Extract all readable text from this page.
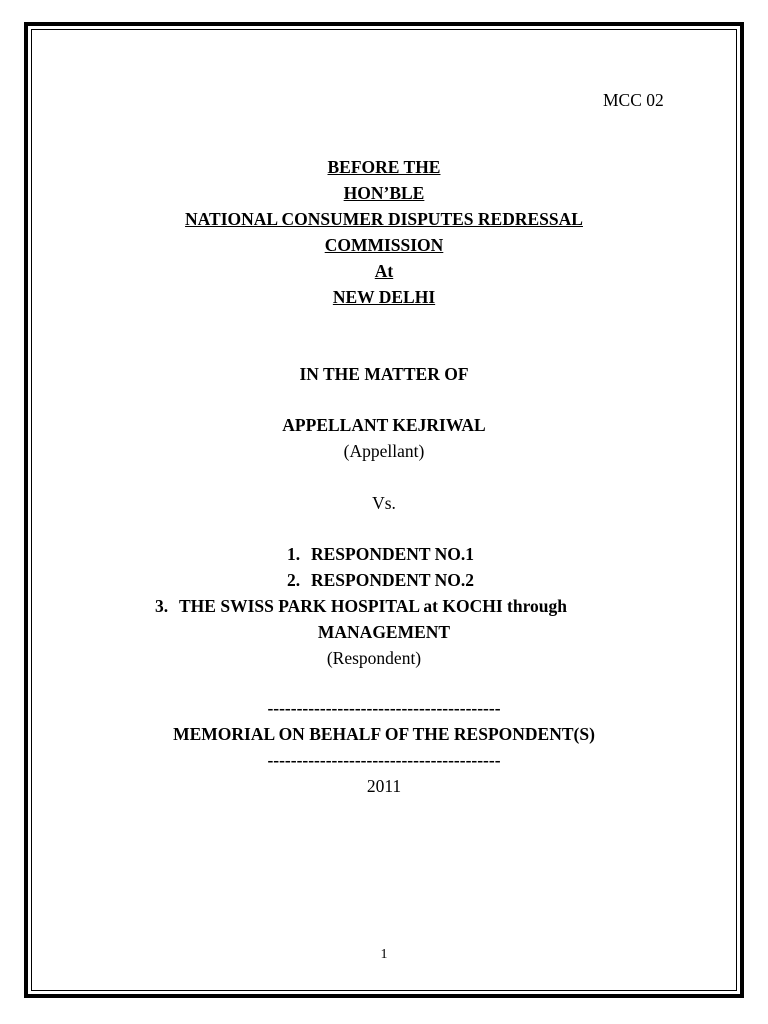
MCC 02
BEFORE THE
HON’BLE
NATIONAL CONSUMER DISPUTES REDRESSAL
COMMISSION
At
NEW DELHI
IN THE MATTER OF
APPELLANT KEJRIWAL
(Appellant)
Vs.
1. RESPONDENT NO.1
2. RESPONDENT NO.2
3. THE SWISS PARK HOSPITAL at KOCHI through
MANAGEMENT
(Respondent)
----------------------------------------
MEMORIAL ON BEHALF OF THE RESPONDENT(S)
----------------------------------------
2011
1
